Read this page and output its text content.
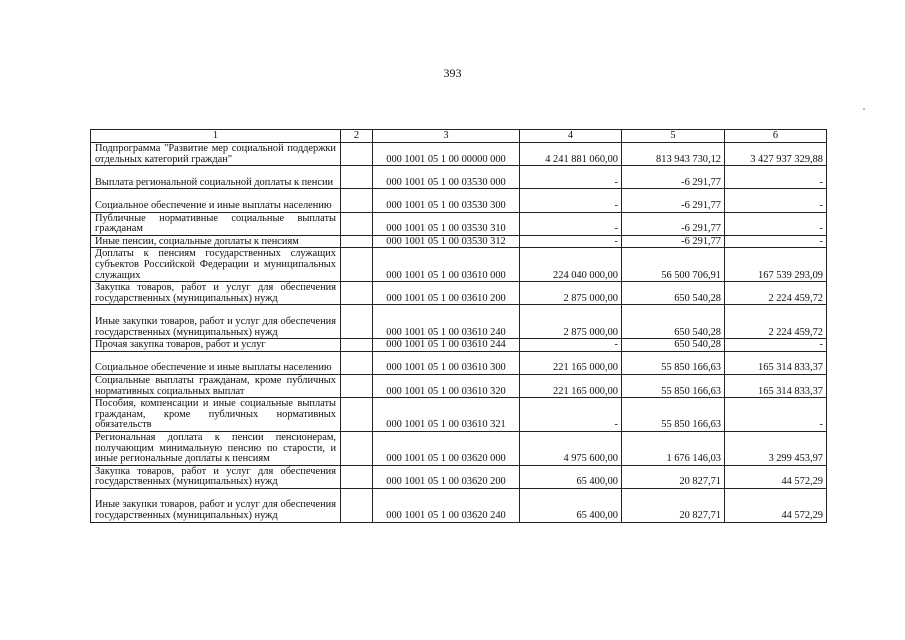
393
1	2	3	4	5	6
Подпрограмма "Развитие мер социальной поддержки отдельных категорий граждан"		000 1001 05 1 00 00000 000	4 241 881 060,00	813 943 730,12	3 427 937 329,88
Выплата региональной социальной доплаты к пенсии		000 1001 05 1 00 03530 000	-	-6 291,77	-
Социальное обеспечение и иные выплаты населению		000 1001 05 1 00 03530 300	-	-6 291,77	-
Публичные нормативные социальные выплаты гражданам		000 1001 05 1 00 03530 310	-	-6 291,77	-
Иные пенсии, социальные доплаты к пенсиям		000 1001 05 1 00 03530 312	-	-6 291,77	-
Доплаты к пенсиям государственных служащих субъектов Российской Федерации и муниципальных служащих		000 1001 05 1 00 03610 000	224 040 000,00	56 500 706,91	167 539 293,09
Закупка товаров, работ и услуг для обеспечения государственных (муниципальных) нужд		000 1001 05 1 00 03610 200	2 875 000,00	650 540,28	2 224 459,72
Иные закупки товаров, работ и услуг для обеспечения государственных (муниципальных) нужд		000 1001 05 1 00 03610 240	2 875 000,00	650 540,28	2 224 459,72
Прочая закупка товаров, работ и услуг		000 1001 05 1 00 03610 244	-	650 540,28	-
Социальное обеспечение и иные выплаты населению		000 1001 05 1 00 03610 300	221 165 000,00	55 850 166,63	165 314 833,37
Социальные выплаты гражданам, кроме публичных нормативных социальных выплат		000 1001 05 1 00 03610 320	221 165 000,00	55 850 166,63	165 314 833,37
Пособия, компенсации и иные социальные выплаты гражданам, кроме публичных нормативных обязательств		000 1001 05 1 00 03610 321	-	55 850 166,63	-
Региональная доплата к пенсии пенсионерам, получающим минимальную пенсию по старости, и иные региональные доплаты к пенсиям		000 1001 05 1 00 03620 000	4 975 600,00	1 676 146,03	3 299 453,97
Закупка товаров, работ и услуг для обеспечения государственных (муниципальных) нужд		000 1001 05 1 00 03620 200	65 400,00	20 827,71	44 572,29
Иные закупки товаров, работ и услуг для обеспечения государственных (муниципальных) нужд		000 1001 05 1 00 03620 240	65 400,00	20 827,71	44 572,29
